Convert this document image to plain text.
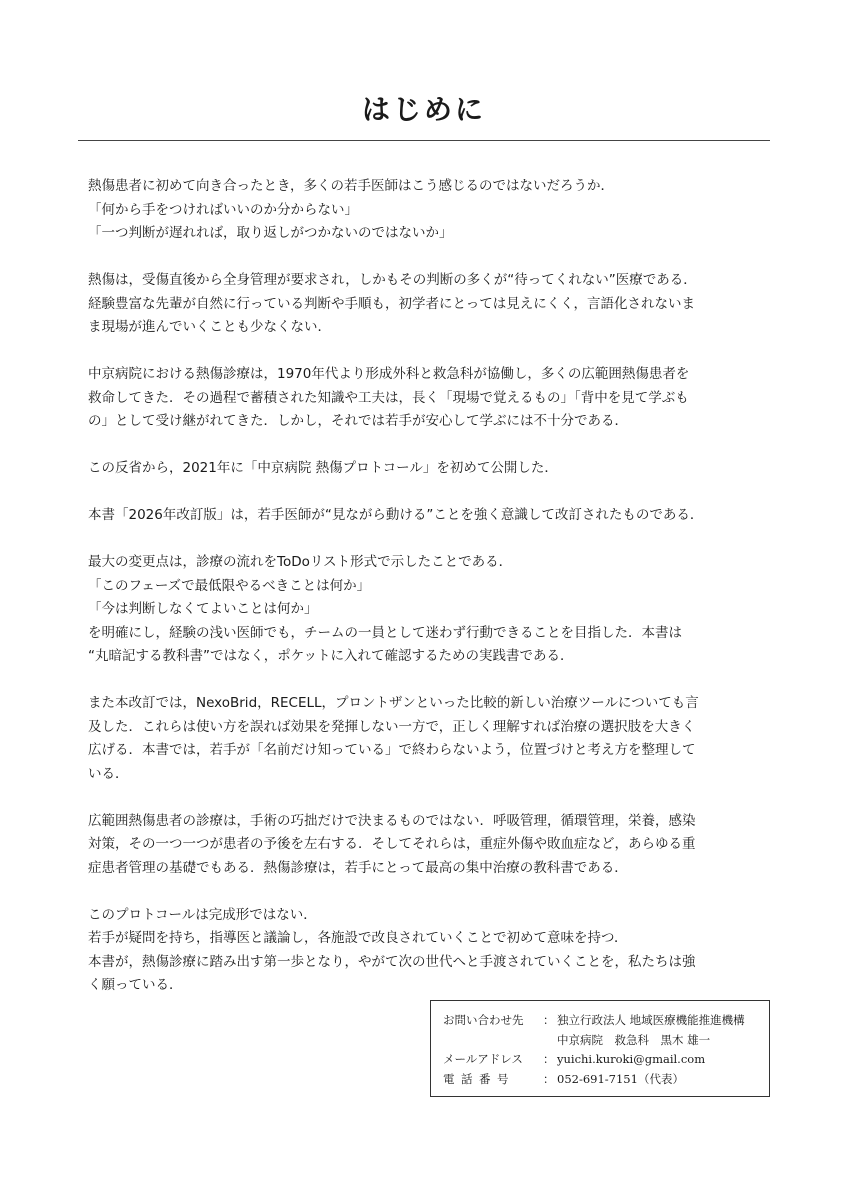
はじめに

熱傷患者に初めて向き合ったとき，多くの若手医師はこう感じるのではないだろうか．
「何から手をつければいいのか分からない」
「一つ判断が遅れれば，取り返しがつかないのではないか」

熱傷は，受傷直後から全身管理が要求され，しかもその判断の多くが“待ってくれない”医療である．
経験豊富な先輩が自然に行っている判断や手順も，初学者にとっては見えにくく，言語化されないま
ま現場が進んでいくことも少なくない．

中京病院における熱傷診療は，1970年代より形成外科と救急科が協働し，多くの広範囲熱傷患者を
救命してきた．その過程で蓄積された知識や工夫は，長く「現場で覚えるもの」「背中を見て学ぶも
の」として受け継がれてきた．しかし，それでは若手が安心して学ぶには不十分である．

この反省から，2021年に「中京病院 熱傷プロトコール」を初めて公開した．

本書「2026年改訂版」は，若手医師が“見ながら動ける”ことを強く意識して改訂されたものである．

最大の変更点は，診療の流れをToDoリスト形式で示したことである．
「このフェーズで最低限やるべきことは何か」
「今は判断しなくてよいことは何か」
を明確にし，経験の浅い医師でも，チームの一員として迷わず行動できることを目指した．本書は
“丸暗記する教科書”ではなく，ポケットに入れて確認するための実践書である．

また本改訂では，NexoBrid，RECELL，プロントザンといった比較的新しい治療ツールについても言
及した．これらは使い方を誤れば効果を発揮しない一方で，正しく理解すれば治療の選択肢を大きく
広げる．本書では，若手が「名前だけ知っている」で終わらないよう，位置づけと考え方を整理して
いる．

広範囲熱傷患者の診療は，手術の巧拙だけで決まるものではない．呼吸管理，循環管理，栄養，感染
対策，その一つ一つが患者の予後を左右する．そしてそれらは，重症外傷や敗血症など，あらゆる重
症患者管理の基礎でもある．熱傷診療は，若手にとって最高の集中治療の教科書である．

このプロトコールは完成形ではない．
若手が疑問を持ち，指導医と議論し，各施設で改良されていくことで初めて意味を持つ．
本書が，熱傷診療に踏み出す第一歩となり，やがて次の世代へと手渡されていくことを，私たちは強
く願っている．

お問い合わせ先	： 独立行政法人 地域医療機能推進機構
中京病院　救急科　黒木 雄一
メールアドレス	： yuichi.kuroki@gmail.com
電話番号	： 052-691-7151（代表）
